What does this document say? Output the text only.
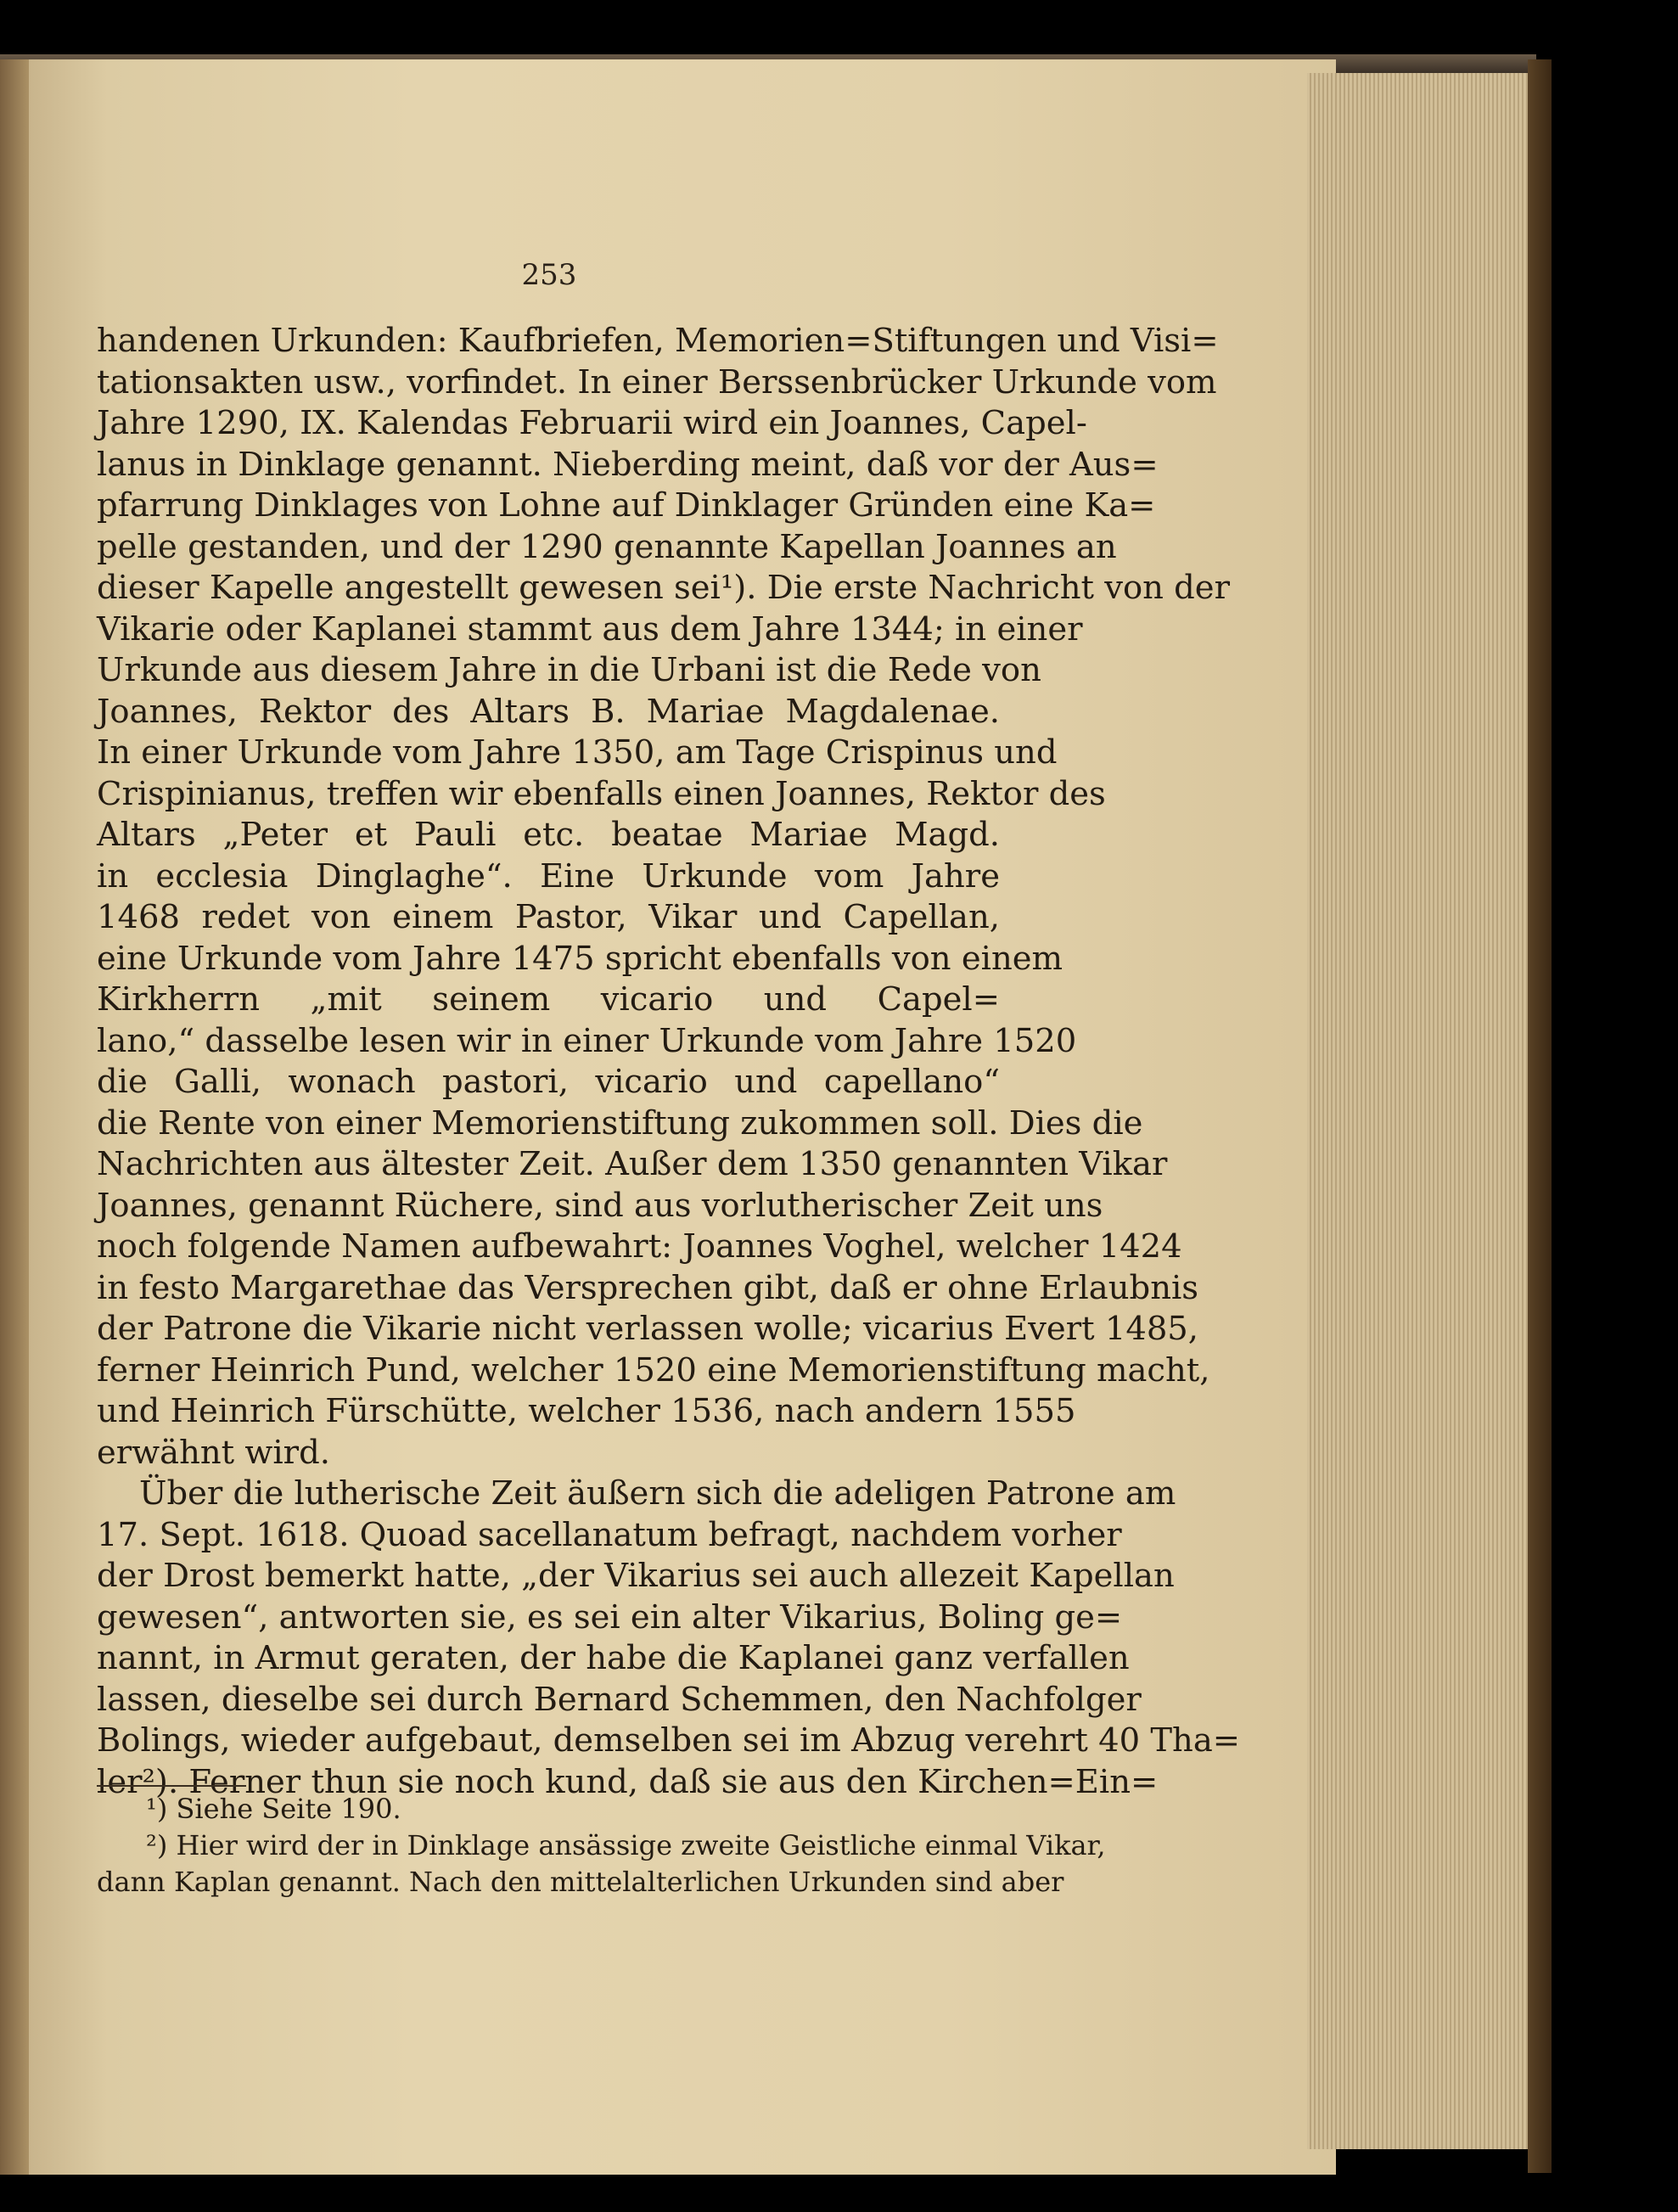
253
handenen Urkunden: Kaufbriefen, Memorien=Stiftungen und Visi=
tationsakten usw., vorfindet. In einer Berssenbrücker Urkunde vom
Jahre 1290, IX. Kalendas Februarii wird ein Joannes, Capel-
lanus in Dinklage genannt. Nieberding meint, daß vor der Aus=
pfarrung Dinklages von Lohne auf Dinklager Gründen eine Ka=
pelle gestanden, und der 1290 genannte Kapellan Joannes an
dieser Kapelle angestellt gewesen sei¹). Die erste Nachricht von der
Vikarie oder Kaplanei stammt aus dem Jahre 1344; in einer
Urkunde aus diesem Jahre in die Urbani ist die Rede von
Joannes, Rektor des Altars B. Mariae Magdalenae.
In einer Urkunde vom Jahre 1350, am Tage Crispinus und
Crispinianus, treffen wir ebenfalls einen Joannes, Rektor des
Altars „Peter et Pauli etc. beatae Mariae Magd.
in ecclesia Dinglaghe“. Eine Urkunde vom Jahre
1468 redet von einem Pastor, Vikar und Capellan,
eine Urkunde vom Jahre 1475 spricht ebenfalls von einem
Kirkherrn „mit seinem vicario und Capel=
lano,“ dasselbe lesen wir in einer Urkunde vom Jahre 1520
die Galli, wonach pastori, vicario und capellano“
die Rente von einer Memorienstiftung zukommen soll. Dies die
Nachrichten aus ältester Zeit. Außer dem 1350 genannten Vikar
Joannes, genannt Rüchere, sind aus vorlutherischer Zeit uns
noch folgende Namen aufbewahrt: Joannes Voghel, welcher 1424
in festo Margarethae das Versprechen gibt, daß er ohne Erlaubnis
der Patrone die Vikarie nicht verlassen wolle; vicarius Evert 1485,
ferner Heinrich Pund, welcher 1520 eine Memorienstiftung macht,
und Heinrich Fürschütte, welcher 1536, nach andern 1555
erwähnt wird.
Über die lutherische Zeit äußern sich die adeligen Patrone am
17. Sept. 1618. Quoad sacellanatum befragt, nachdem vorher
der Drost bemerkt hatte, „der Vikarius sei auch allezeit Kapellan
gewesen“, antworten sie, es sei ein alter Vikarius, Boling ge=
nannt, in Armut geraten, der habe die Kaplanei ganz verfallen
lassen, dieselbe sei durch Bernard Schemmen, den Nachfolger
Bolings, wieder aufgebaut, demselben sei im Abzug verehrt 40 Tha=
ler²). Ferner thun sie noch kund, daß sie aus den Kirchen=Ein=
¹) Siehe Seite 190.
²) Hier wird der in Dinklage ansässige zweite Geistliche einmal Vikar,
dann Kaplan genannt. Nach den mittelalterlichen Urkunden sind aber
